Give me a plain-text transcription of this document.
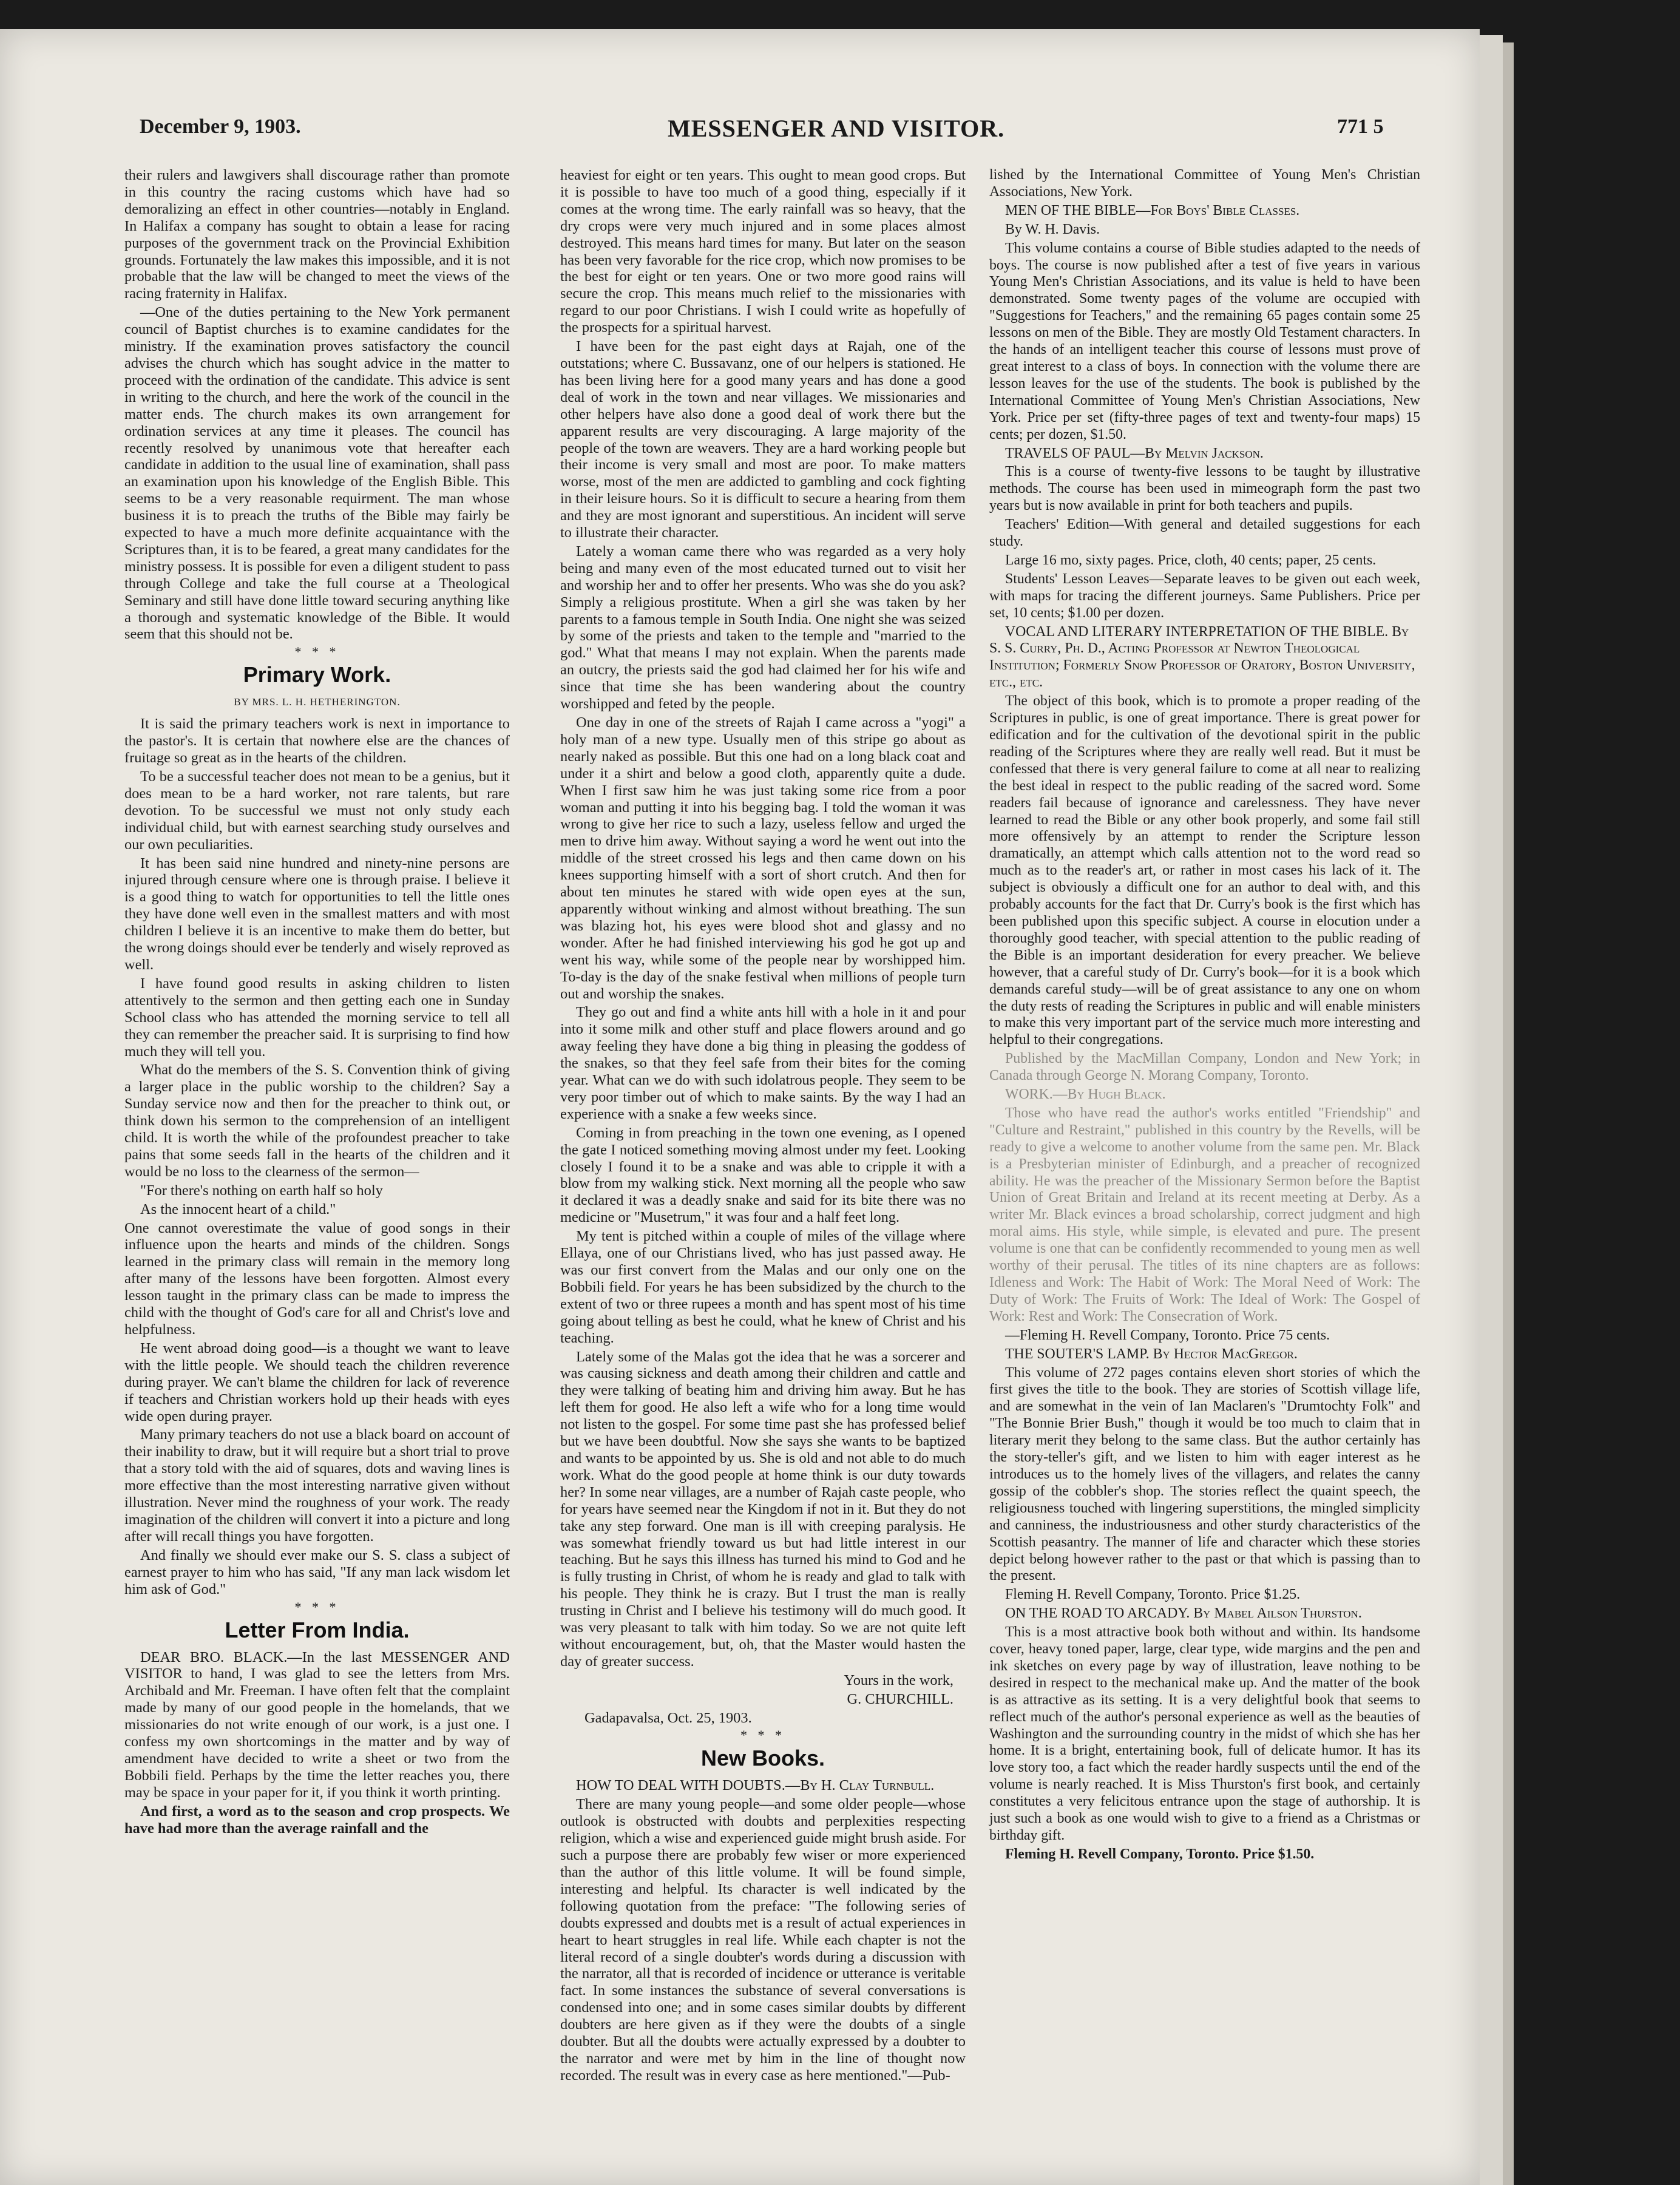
December 9, 1903.	MESSENGER AND VISITOR.	771 5

their rulers and lawgivers shall discourage rather than promote in this country the racing customs which have had so demoralizing an effect in other countries—notably in England. In Halifax a company has sought to obtain a lease for racing purposes of the government track on the Provincial Exhibition grounds. Fortunately the law makes this impossible, and it is not probable that the law will be changed to meet the views of the racing fraternity in Halifax.

—One of the duties pertaining to the New York permanent council of Baptist churches is to examine candidates for the ministry. If the examination proves satisfactory the council advises the church which has sought advice in the matter to proceed with the ordination of the candidate. This advice is sent in writing to the church, and here the work of the council in the matter ends. The church makes its own arrangement for ordination services at any time it pleases. The council has recently resolved by unanimous vote that hereafter each candidate in addition to the usual line of examination, shall pass an examination upon his knowledge of the English Bible. This seems to be a very reasonable requirment. The man whose business it is to preach the truths of the Bible may fairly be expected to have a much more definite acquaintance with the Scriptures than, it is to be feared, a great many candidates for the ministry possess. It is possible for even a diligent student to pass through College and take the full course at a Theological Seminary and still have done little toward securing anything like a thorough and systematic knowledge of the Bible. It would seem that this should not be.

* * *
Primary Work.
BY MRS. L. H. HETHERINGTON.

It is said the primary teachers work is next in importance to the pastor's. It is certain that nowhere else are the chances of fruitage so great as in the hearts of the children.

To be a successful teacher does not mean to be a genius, but it does mean to be a hard worker, not rare talents, but rare devotion. To be successful we must not only study each individual child, but with earnest searching study ourselves and our own peculiarities.

It has been said nine hundred and ninety-nine persons are injured through censure where one is through praise. I believe it is a good thing to watch for opportunities to tell the little ones they have done well even in the smallest matters and with most children I believe it is an incentive to make them do better, but the wrong doings should ever be tenderly and wisely reproved as well.

I have found good results in asking children to listen attentively to the sermon and then getting each one in Sunday School class who has attended the morning service to tell all they can remember the preacher said. It is surprising to find how much they will tell you.

What do the members of the S. S. Convention think of giving a larger place in the public worship to the children? Say a Sunday service now and then for the preacher to think out, or think down his sermon to the comprehension of an intelligent child. It is worth the while of the profoundest preacher to take pains that some seeds fall in the hearts of the children and it would be no loss to the clearness of the sermon—

"For there's nothing on earth half so holy

As the innocent heart of a child."

One cannot overestimate the value of good songs in their influence upon the hearts and minds of the children. Songs learned in the primary class will remain in the memory long after many of the lessons have been forgotten. Almost every lesson taught in the primary class can be made to impress the child with the thought of God's care for all and Christ's love and helpfulness.

He went abroad doing good—is a thought we want to leave with the little people. We should teach the children reverence during prayer. We can't blame the children for lack of reverence if teachers and Christian workers hold up their heads with eyes wide open during prayer.

Many primary teachers do not use a black board on account of their inability to draw, but it will require but a short trial to prove that a story told with the aid of squares, dots and waving lines is more effective than the most interesting narrative given without illustration. Never mind the roughness of your work. The ready imagination of the children will convert it into a picture and long after will recall things you have forgotten.

And finally we should ever make our S. S. class a subject of earnest prayer to him who has said, "If any man lack wisdom let him ask of God."

* * *
Letter From India.

DEAR BRO. BLACK.—In the last MESSENGER AND VISITOR to hand, I was glad to see the letters from Mrs. Archibald and Mr. Freeman. I have often felt that the complaint made by many of our good people in the homelands, that we missionaries do not write enough of our work, is a just one. I confess my own shortcomings in the matter and by way of amendment have decided to write a sheet or two from the Bobbili field. Perhaps by the time the letter reaches you, there may be space in your paper for it, if you think it worth printing.

And first, a word as to the season and crop prospects. We have had more than the average rainfall and the

heaviest for eight or ten years. This ought to mean good crops. But it is possible to have too much of a good thing, especially if it comes at the wrong time. The early rainfall was so heavy, that the dry crops were very much injured and in some places almost destroyed. This means hard times for many. But later on the season has been very favorable for the rice crop, which now promises to be the best for eight or ten years. One or two more good rains will secure the crop. This means much relief to the missionaries with regard to our poor Christians. I wish I could write as hopefully of the prospects for a spiritual harvest.

I have been for the past eight days at Rajah, one of the outstations; where C. Bussavanz, one of our helpers is stationed. He has been living here for a good many years and has done a good deal of work in the town and near villages. We missionaries and other helpers have also done a good deal of work there but the apparent results are very discouraging. A large majority of the people of the town are weavers. They are a hard working people but their income is very small and most are poor. To make matters worse, most of the men are addicted to gambling and cock fighting in their leisure hours. So it is difficult to secure a hearing from them and they are most ignorant and superstitious. An incident will serve to illustrate their character.

Lately a woman came there who was regarded as a very holy being and many even of the most educated turned out to visit her and worship her and to offer her presents. Who was she do you ask? Simply a religious prostitute. When a girl she was taken by her parents to a famous temple in South India. One night she was seized by some of the priests and taken to the temple and "married to the god." What that means I may not explain. When the parents made an outcry, the priests said the god had claimed her for his wife and since that time she has been wandering about the country worshipped and feted by the people.

One day in one of the streets of Rajah I came across a "yogi" a holy man of a new type. Usually men of this stripe go about as nearly naked as possible. But this one had on a long black coat and under it a shirt and below a good cloth, apparently quite a dude. When I first saw him he was just taking some rice from a poor woman and putting it into his begging bag. I told the woman it was wrong to give her rice to such a lazy, useless fellow and urged the men to drive him away. Without saying a word he went out into the middle of the street crossed his legs and then came down on his knees supporting himself with a sort of short crutch. And then for about ten minutes he stared with wide open eyes at the sun, apparently without winking and almost without breathing. The sun was blazing hot, his eyes were blood shot and glassy and no wonder. After he had finished interviewing his god he got up and went his way, while some of the people near by worshipped him. To-day is the day of the snake festival when millions of people turn out and worship the snakes.

They go out and find a white ants hill with a hole in it and pour into it some milk and other stuff and place flowers around and go away feeling they have done a big thing in pleasing the goddess of the snakes, so that they feel safe from their bites for the coming year. What can we do with such idolatrous people. They seem to be very poor timber out of which to make saints. By the way I had an experience with a snake a few weeks since.

Coming in from preaching in the town one evening, as I opened the gate I noticed something moving almost under my feet. Looking closely I found it to be a snake and was able to cripple it with a blow from my walking stick. Next morning all the people who saw it declared it was a deadly snake and said for its bite there was no medicine or "Musetrum," it was four and a half feet long.

My tent is pitched within a couple of miles of the village where Ellaya, one of our Christians lived, who has just passed away. He was our first convert from the Malas and our only one on the Bobbili field. For years he has been subsidized by the church to the extent of two or three rupees a month and has spent most of his time going about telling as best he could, what he knew of Christ and his teaching.

Lately some of the Malas got the idea that he was a sorcerer and was causing sickness and death among their children and cattle and they were talking of beating him and driving him away. But he has left them for good. He also left a wife who for a long time would not listen to the gospel. For some time past she has professed belief but we have been doubtful. Now she says she wants to be baptized and wants to be appointed by us. She is old and not able to do much work. What do the good people at home think is our duty towards her? In some near villages, are a number of Rajah caste people, who for years have seemed near the Kingdom if not in it. But they do not take any step forward. One man is ill with creeping paralysis. He was somewhat friendly toward us but had little interest in our teaching. But he says this illness has turned his mind to God and he is fully trusting in Christ, of whom he is ready and glad to talk with his people. They think he is crazy. But I trust the man is really trusting in Christ and I believe his testimony will do much good. It was very pleasant to talk with him today. So we are not quite left without encouragement, but, oh, that the Master would hasten the day of greater success.

Yours in the work,

G. CHURCHILL.

Gadapavalsa, Oct. 25, 1903.

* * *
New Books.

HOW TO DEAL WITH DOUBTS.—By H. Clay Turnbull.

There are many young people—and some older people—whose outlook is obstructed with doubts and perplexities respecting religion, which a wise and experienced guide might brush aside. For such a purpose there are probably few wiser or more experienced than the author of this little volume. It will be found simple, interesting and helpful. Its character is well indicated by the following quotation from the preface: "The following series of doubts expressed and doubts met is a result of actual experiences in heart to heart struggles in real life. While each chapter is not the literal record of a single doubter's words during a discussion with the narrator, all that is recorded of incidence or utterance is veritable fact. In some instances the substance of several conversations is condensed into one; and in some cases similar doubts by different doubters are here given as if they were the doubts of a single doubter. But all the doubts were actually expressed by a doubter to the narrator and were met by him in the line of thought now recorded. The result was in every case as here mentioned."—Pub-

lished by the International Committee of Young Men's Christian Associations, New York.

MEN OF THE BIBLE—For Boys' Bible Classes.

By W. H. Davis.

This volume contains a course of Bible studies adapted to the needs of boys. The course is now published after a test of five years in various Young Men's Christian Associations, and its value is held to have been demonstrated. Some twenty pages of the volume are occupied with "Suggestions for Teachers," and the remaining 65 pages contain some 25 lessons on men of the Bible. They are mostly Old Testament characters. In the hands of an intelligent teacher this course of lessons must prove of great interest to a class of boys. In connection with the volume there are lesson leaves for the use of the students. The book is published by the International Committee of Young Men's Christian Associations, New York. Price per set (fifty-three pages of text and twenty-four maps) 15 cents; per dozen, $1.50.

TRAVELS OF PAUL—By Melvin Jackson.

This is a course of twenty-five lessons to be taught by illustrative methods. The course has been used in mimeograph form the past two years but is now available in print for both teachers and pupils.

Teachers' Edition—With general and detailed suggestions for each study.

Large 16 mo, sixty pages. Price, cloth, 40 cents; paper, 25 cents.

Students' Lesson Leaves—Separate leaves to be given out each week, with maps for tracing the different journeys. Same Publishers. Price per set, 10 cents; $1.00 per dozen.

VOCAL AND LITERARY INTERPRETATION OF THE BIBLE. By S. S. Curry, Ph. D., Acting Professor at Newton Theological Institution; Formerly Snow Professor of Oratory, Boston University, etc., etc.

The object of this book, which is to promote a proper reading of the Scriptures in public, is one of great importance. There is great power for edification and for the cultivation of the devotional spirit in the public reading of the Scriptures where they are really well read. But it must be confessed that there is very general failure to come at all near to realizing the best ideal in respect to the public reading of the sacred word. Some readers fail because of ignorance and carelessness. They have never learned to read the Bible or any other book properly, and some fail still more offensively by an attempt to render the Scripture lesson dramatically, an attempt which calls attention not to the word read so much as to the reader's art, or rather in most cases his lack of it. The subject is obviously a difficult one for an author to deal with, and this probably accounts for the fact that Dr. Curry's book is the first which has been published upon this specific subject. A course in elocution under a thoroughly good teacher, with special attention to the public reading of the Bible is an important desideration for every preacher. We believe however, that a careful study of Dr. Curry's book—for it is a book which demands careful study—will be of great assistance to any one on whom the duty rests of reading the Scriptures in public and will enable ministers to make this very important part of the service much more interesting and helpful to their congregations.

Published by the MacMillan Company, London and New York; in Canada through George N. Morang Company, Toronto.

WORK.—By Hugh Black.

Those who have read the author's works entitled "Friendship" and "Culture and Restraint," published in this country by the Revells, will be ready to give a welcome to another volume from the same pen. Mr. Black is a Presbyterian minister of Edinburgh, and a preacher of recognized ability. He was the preacher of the Missionary Sermon before the Baptist Union of Great Britain and Ireland at its recent meeting at Derby. As a writer Mr. Black evinces a broad scholarship, correct judgment and high moral aims. His style, while simple, is elevated and pure. The present volume is one that can be confidently recommended to young men as well worthy of their perusal. The titles of its nine chapters are as follows: Idleness and Work: The Habit of Work: The Moral Need of Work: The Duty of Work: The Fruits of Work: The Ideal of Work: The Gospel of Work: Rest and Work: The Consecration of Work.

—Fleming H. Revell Company, Toronto. Price 75 cents.

THE SOUTER'S LAMP. By Hector MacGregor.

This volume of 272 pages contains eleven short stories of which the first gives the title to the book. They are stories of Scottish village life, and are somewhat in the vein of Ian Maclaren's "Drumtochty Folk" and "The Bonnie Brier Bush," though it would be too much to claim that in literary merit they belong to the same class. But the author certainly has the story-teller's gift, and we listen to him with eager interest as he introduces us to the homely lives of the villagers, and relates the canny gossip of the cobbler's shop. The stories reflect the quaint speech, the religiousness touched with lingering superstitions, the mingled simplicity and canniness, the industriousness and other sturdy characteristics of the Scottish peasantry. The manner of life and character which these stories depict belong however rather to the past or that which is passing than to the present.

Fleming H. Revell Company, Toronto. Price $1.25.

ON THE ROAD TO ARCADY. By Mabel Ailson Thurston.

This is a most attractive book both without and within. Its handsome cover, heavy toned paper, large, clear type, wide margins and the pen and ink sketches on every page by way of illustration, leave nothing to be desired in respect to the mechanical make up. And the matter of the book is as attractive as its setting. It is a very delightful book that seems to reflect much of the author's personal experience as well as the beauties of Washington and the surrounding country in the midst of which she has her home. It is a bright, entertaining book, full of delicate humor. It has its love story too, a fact which the reader hardly suspects until the end of the volume is nearly reached. It is Miss Thurston's first book, and certainly constitutes a very felicitous entrance upon the stage of authorship. It is just such a book as one would wish to give to a friend as a Christmas or birthday gift.

Fleming H. Revell Company, Toronto. Price $1.50.
